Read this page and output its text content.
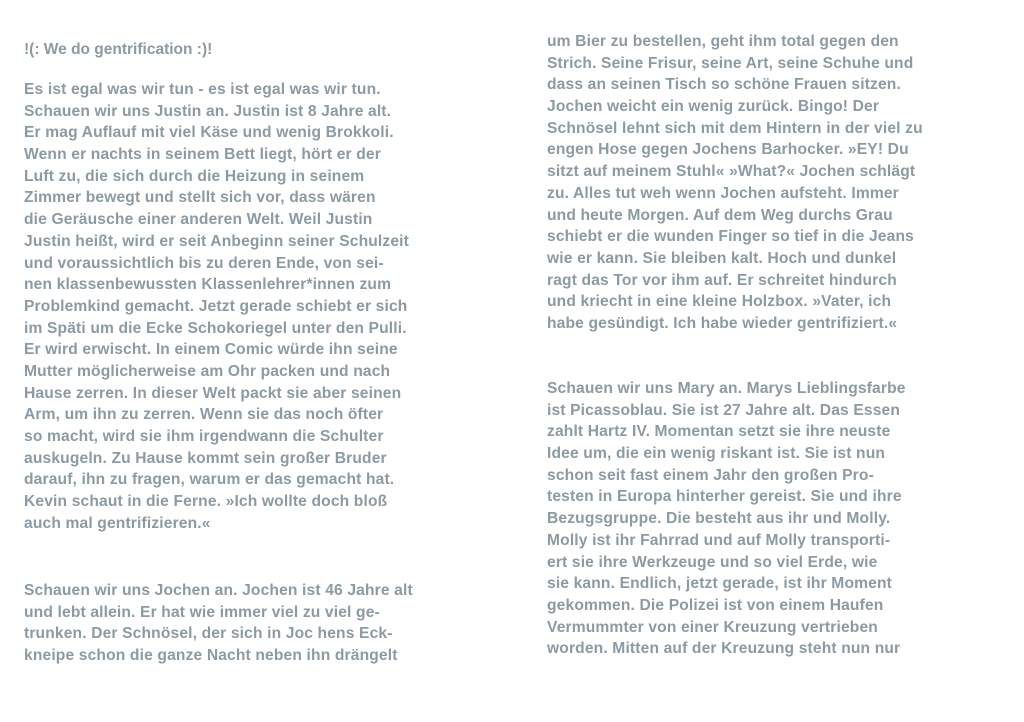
!(: We do gentrification :)!
Es ist egal was wir tun - es ist egal was wir tun.
Schauen wir uns Justin an. Justin ist 8 Jahre alt.
Er mag Auflauf mit viel Käse und wenig Brokkoli.
Wenn er nachts in seinem Bett liegt, hört er der
Luft zu, die sich durch die Heizung in seinem
Zimmer bewegt und stellt sich vor, dass wären
die Geräusche einer anderen Welt. Weil Justin
Justin heißt, wird er seit Anbeginn seiner Schulzeit
und voraussichtlich bis zu deren Ende, von sei-
nen klassenbewussten Klassenlehrer*innen zum
Problemkind gemacht. Jetzt gerade schiebt er sich
im Späti um die Ecke Schokoriegel unter den Pulli.
Er wird erwischt. In einem Comic würde ihn seine
Mutter möglicherweise am Ohr packen und nach
Hause zerren. In dieser Welt packt sie aber seinen
Arm, um ihn zu zerren. Wenn sie das noch öfter
so macht, wird sie ihm irgendwann die Schulter
auskugeln. Zu Hause kommt sein großer Bruder
darauf, ihn zu fragen, warum er das gemacht hat.
Kevin schaut in die Ferne. »Ich wollte doch bloß
auch mal gentrifizieren.«
Schauen wir uns Jochen an. Jochen ist 46 Jahre alt
und lebt allein. Er hat wie immer viel zu viel ge-
trunken. Der Schnösel, der sich in Joc hens Eck-
kneipe schon die ganze Nacht neben ihn drängelt
um Bier zu bestellen, geht ihm total gegen den
Strich. Seine Frisur, seine Art, seine Schuhe und
dass an seinen Tisch so schöne Frauen sitzen.
Jochen weicht ein wenig zurück. Bingo! Der
Schnösel lehnt sich mit dem Hintern in der viel zu
engen Hose gegen Jochens Barhocker. »EY! Du
sitzt auf meinem Stuhl« »What?« Jochen schlägt
zu. Alles tut weh wenn Jochen aufsteht. Immer
und heute Morgen. Auf dem Weg durchs Grau
schiebt er die wunden Finger so tief in die Jeans
wie er kann. Sie bleiben kalt. Hoch und dunkel
ragt das Tor vor ihm auf. Er schreitet hindurch
und kriecht in eine kleine Holzbox. »Vater, ich
habe gesündigt. Ich habe wieder gentrifiziert.«
Schauen wir uns Mary an. Marys Lieblingsfarbe
ist Picassoblau. Sie ist 27 Jahre alt. Das Essen
zahlt Hartz IV. Momentan setzt sie ihre neuste
Idee um, die ein wenig riskant ist. Sie ist nun
schon seit fast einem Jahr den großen Pro-
testen in Europa hinterher gereist. Sie und ihre
Bezugsgruppe. Die besteht aus ihr und Molly.
Molly ist ihr Fahrrad und auf Molly transporti-
ert sie ihre Werkzeuge und so viel Erde, wie
sie kann. Endlich, jetzt gerade, ist ihr Moment
gekommen. Die Polizei ist von einem Haufen
Vermummter von einer Kreuzung vertrieben
worden. Mitten auf der Kreuzung steht nun nur
